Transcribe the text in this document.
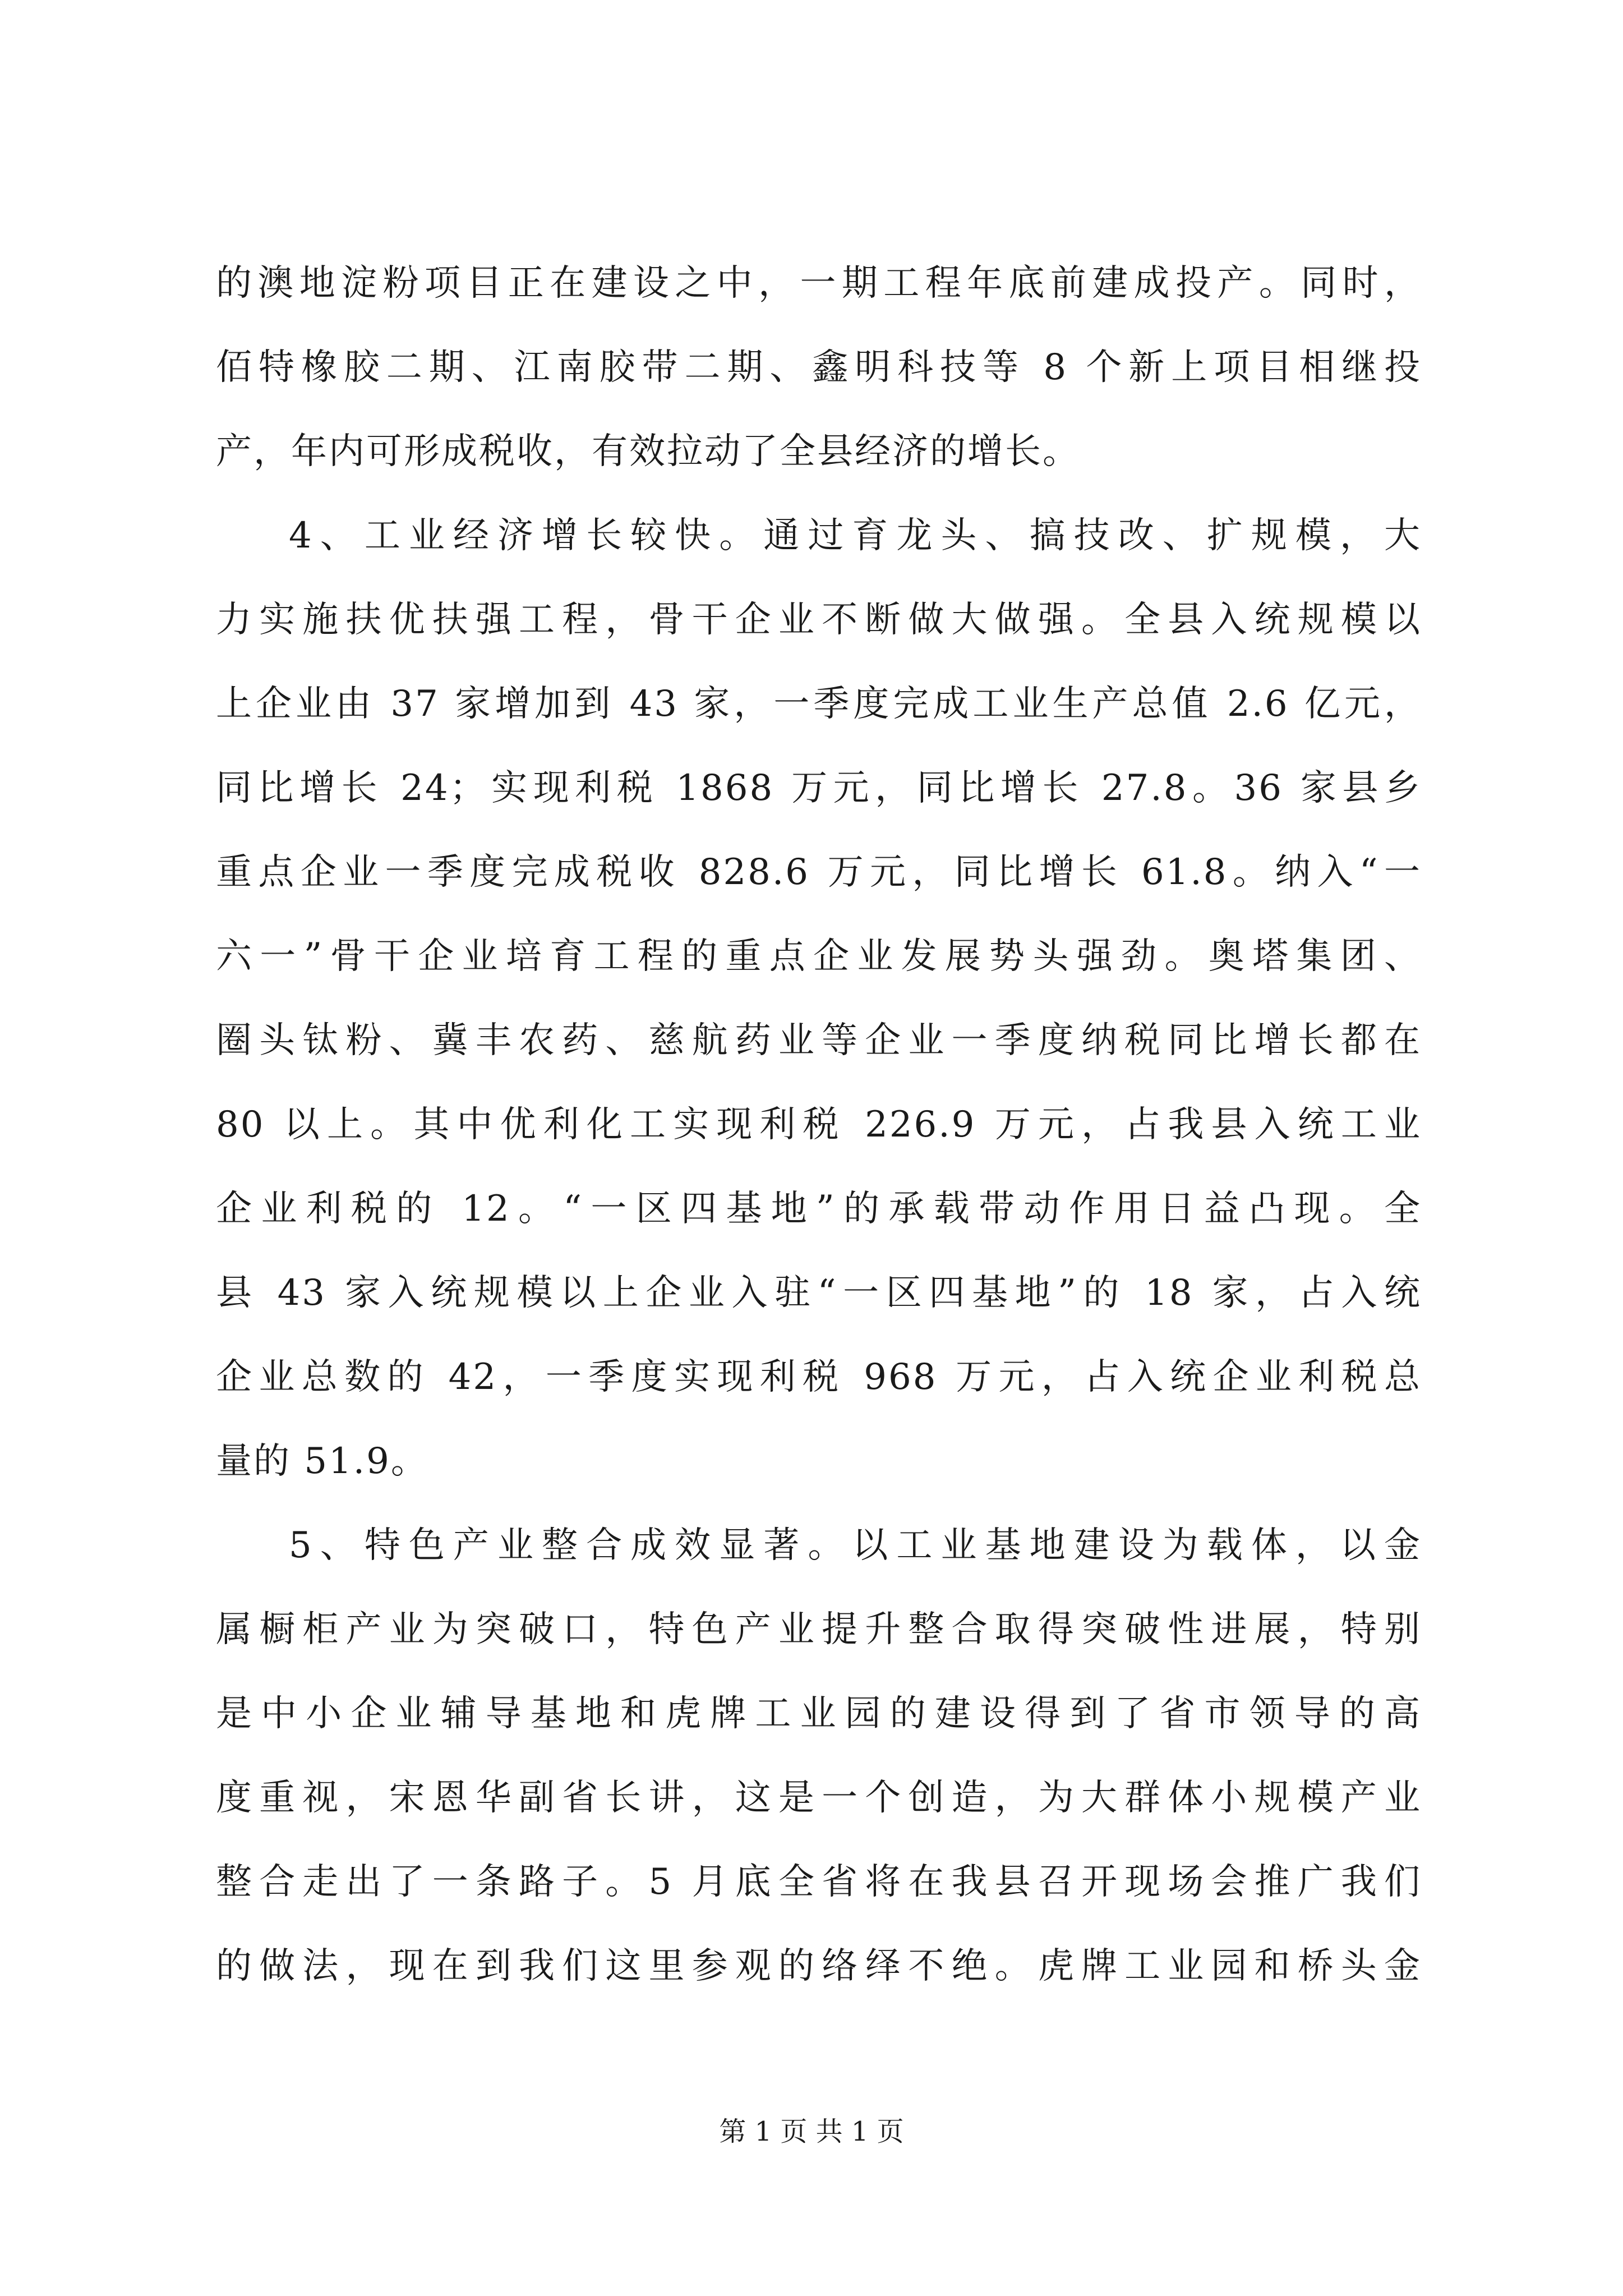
的澳地淀粉项目正在建设之中，一期工程年底前建成投产。同时，
佰特橡胶二期、江南胶带二期、鑫明科技等 8 个新上项目相继投
产，年内可形成税收，有效拉动了全县经济的增长。
4、工业经济增长较快。通过育龙头、搞技改、扩规模，大
力实施扶优扶强工程，骨干企业不断做大做强。全县入统规模以
上企业由 37 家增加到 43 家，一季度完成工业生产总值 2.6 亿元，
同比增长 24；实现利税 1868 万元，同比增长 27.8。36 家县乡
重点企业一季度完成税收 828.6 万元，同比增长 61.8。纳入“一
六一”骨干企业培育工程的重点企业发展势头强劲。奥塔集团、
圈头钛粉、冀丰农药、慈航药业等企业一季度纳税同比增长都在
80 以上。其中优利化工实现利税 226.9 万元，占我县入统工业
企业利税的 12。“一区四基地”的承载带动作用日益凸现。全
县 43 家入统规模以上企业入驻“一区四基地”的 18 家，占入统
企业总数的 42，一季度实现利税 968 万元，占入统企业利税总
量的 51.9。
5、特色产业整合成效显著。以工业基地建设为载体，以金
属橱柜产业为突破口，特色产业提升整合取得突破性进展，特别
是中小企业辅导基地和虎牌工业园的建设得到了省市领导的高
度重视，宋恩华副省长讲，这是一个创造，为大群体小规模产业
整合走出了一条路子。5 月底全省将在我县召开现场会推广我们
的做法，现在到我们这里参观的络绎不绝。虎牌工业园和桥头金
第 1 页 共 1 页
